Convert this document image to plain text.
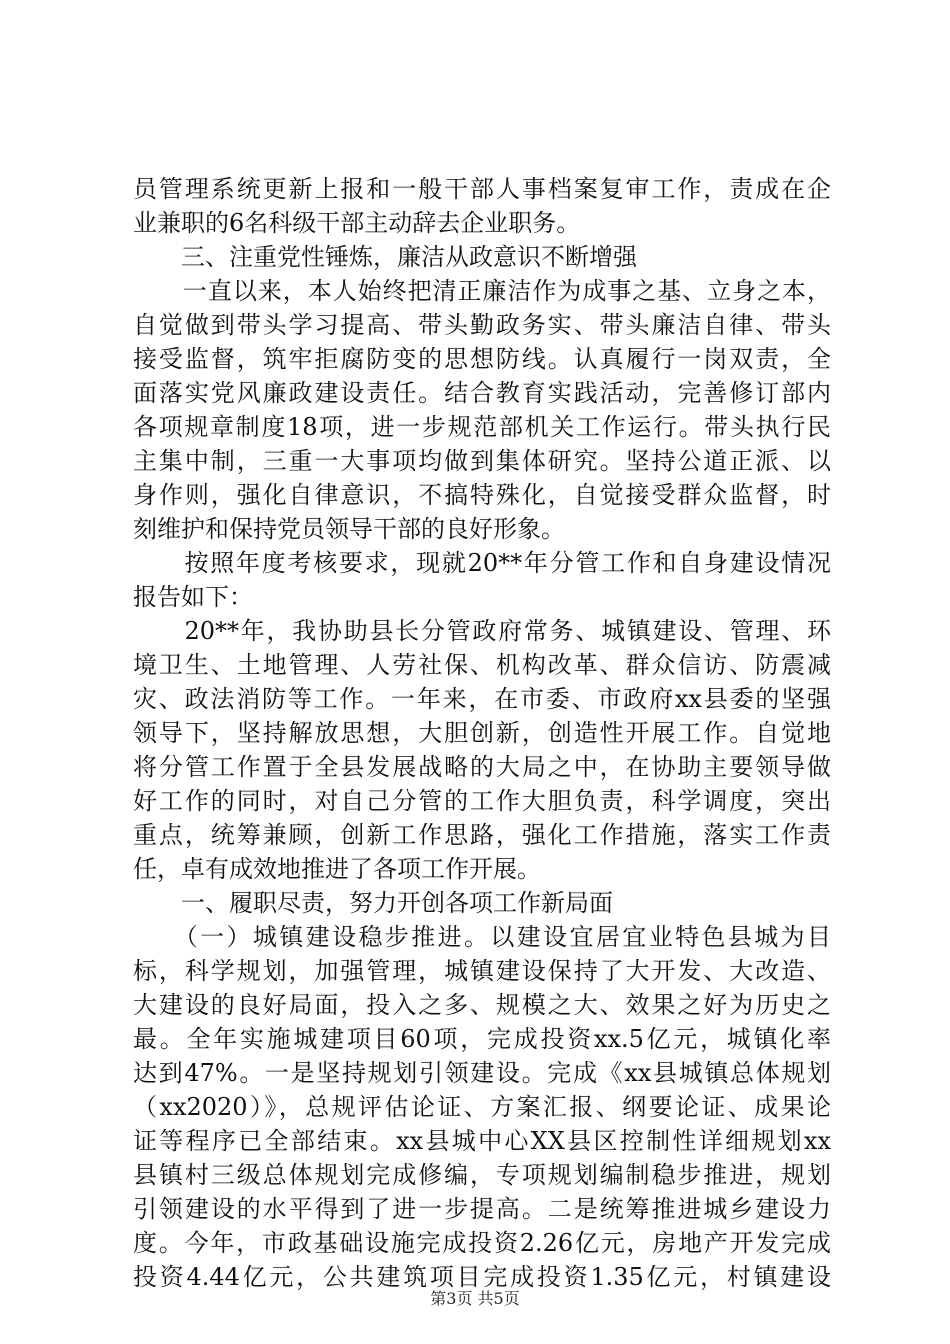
员管理系统更新上报和一般干部人事档案复审工作，责成在企
业兼职的6名科级干部主动辞去企业职务。
　　三、注重党性锤炼，廉洁从政意识不断增强
　　一直以来，本人始终把清正廉洁作为成事之基、立身之本，
自觉做到带头学习提高、带头勤政务实、带头廉洁自律、带头
接受监督，筑牢拒腐防变的思想防线。认真履行一岗双责，全
面落实党风廉政建设责任。结合教育实践活动，完善修订部内
各项规章制度18项，进一步规范部机关工作运行。带头执行民
主集中制，三重一大事项均做到集体研究。坚持公道正派、以
身作则，强化自律意识，不搞特殊化，自觉接受群众监督，时
刻维护和保持党员领导干部的良好形象。
　　按照年度考核要求，现就20**年分管工作和自身建设情况
报告如下：
　　20**年，我协助县长分管政府常务、城镇建设、管理、环
境卫生、土地管理、人劳社保、机构改革、群众信访、防震减
灾、政法消防等工作。一年来，在市委、市政府xx县委的坚强
领导下，坚持解放思想，大胆创新，创造性开展工作。自觉地
将分管工作置于全县发展战略的大局之中，在协助主要领导做
好工作的同时，对自己分管的工作大胆负责，科学调度，突出
重点，统筹兼顾，创新工作思路，强化工作措施，落实工作责
任，卓有成效地推进了各项工作开展。
　　一、履职尽责，努力开创各项工作新局面
　　（一）城镇建设稳步推进。以建设宜居宜业特色县城为目
标，科学规划，加强管理，城镇建设保持了大开发、大改造、
大建设的良好局面，投入之多、规模之大、效果之好为历史之
最。全年实施城建项目60项，完成投资xx.5亿元，城镇化率
达到47%。一是坚持规划引领建设。完成《xx县城镇总体规划
（xx2020）》，总规评估论证、方案汇报、纲要论证、成果论
证等程序已全部结束。xx县城中心XX县区控制性详细规划xx
县镇村三级总体规划完成修编，专项规划编制稳步推进，规划
引领建设的水平得到了进一步提高。二是统筹推进城乡建设力
度。今年，市政基础设施完成投资2.26亿元，房地产开发完成
投资4.44亿元，公共建筑项目完成投资1.35亿元，村镇建设
第3页 共5页
